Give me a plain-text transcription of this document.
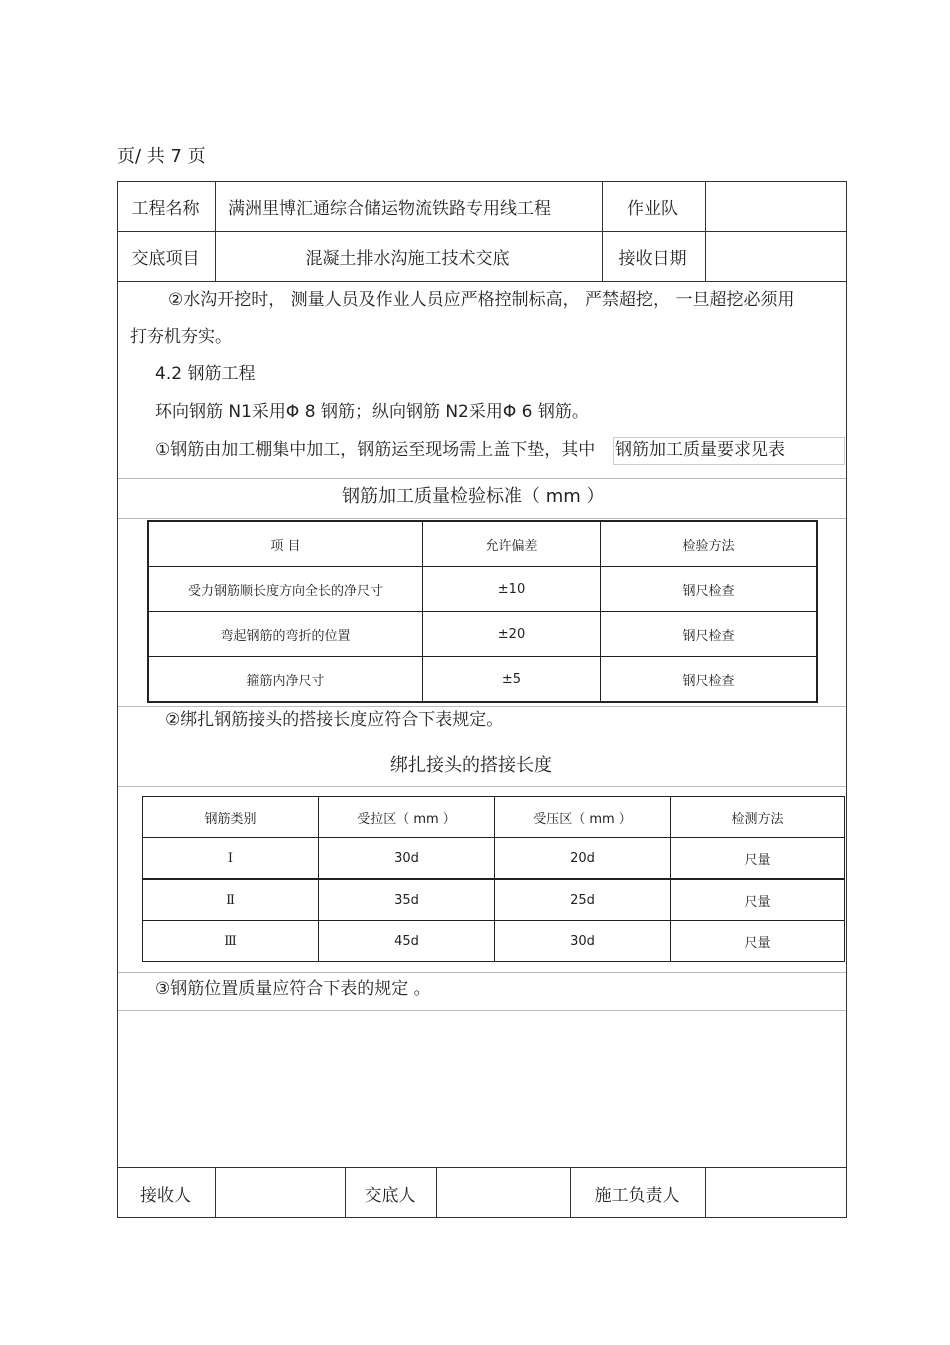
页/ 共 7 页
工程名称	满洲里博汇通综合储运物流铁路专用线工程	作业队
交底项目	混凝土排水沟施工技术交底	接收日期
②水沟开挖时， 测量人员及作业人员应严格控制标高， 严禁超挖， 一旦超挖必须用
打夯机夯实。
4.2 钢筋工程
环向钢筋 N1采用Φ 8 钢筋；纵向钢筋 N2采用Φ 6 钢筋。
①钢筋由加工棚集中加工，钢筋运至现场需上盖下垫，其中 钢筋加工质量要求见表
钢筋加工质量检验标准（ mm ）
项 目	允许偏差	检验方法
受力钢筋顺长度方向全长的净尺寸	±10	钢尺检查
弯起钢筋的弯折的位置	±20	钢尺检查
箍筋内净尺寸	±5	钢尺检查
②绑扎钢筋接头的搭接长度应符合下表规定。
绑扎接头的搭接长度
钢筋类别	受拉区（ mm ）	受压区（ mm ）	检测方法
Ⅰ	30d	20d	尺量
Ⅱ	35d	25d	尺量
Ⅲ	45d	30d	尺量
③钢筋位置质量应符合下表的规定 。
接收人	交底人	施工负责人
